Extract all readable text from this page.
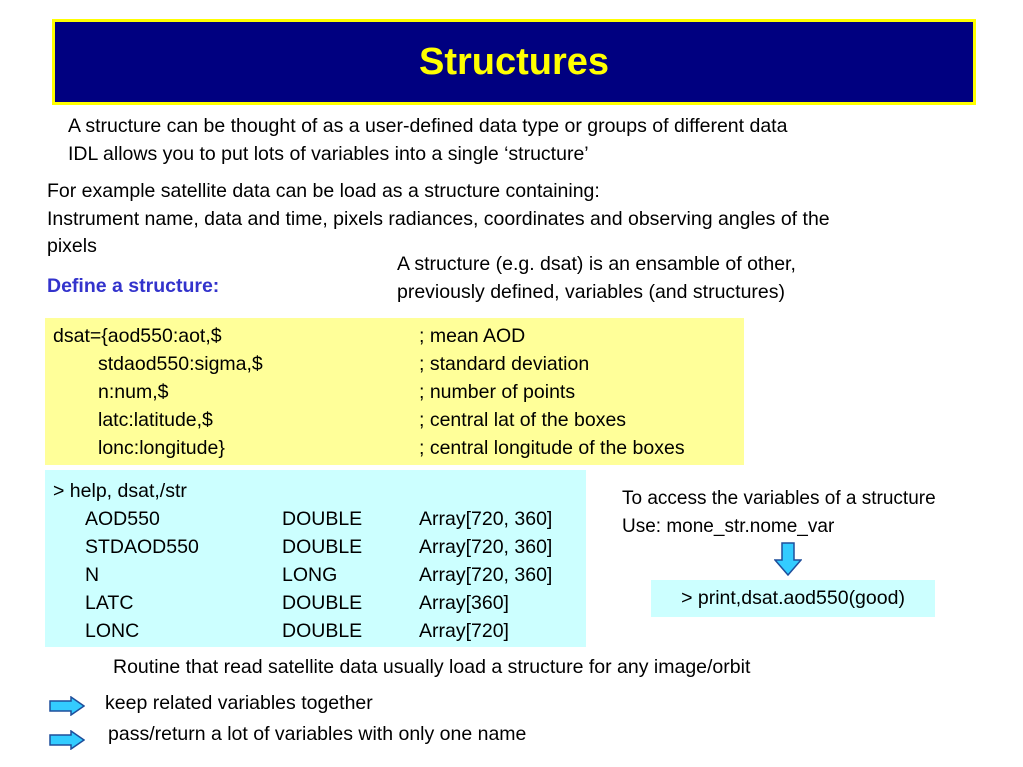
Structures
A structure can be thought of as a user-defined data type or groups of different data
IDL allows you to put lots of variables into a single ‘structure’
For example satellite data can be load as a structure containing:
Instrument name, data and time, pixels radiances, coordinates and observing angles of the
pixels
A structure (e.g. dsat) is an ensamble of other,
previously defined, variables (and structures)
Define a structure:
dsat={aod550:aot,$	; mean AOD
stdaod550:sigma,$	; standard deviation
n:num,$	; number of points
latc:latitude,$	; central lat of the boxes
lonc:longitude}	; central longitude of the boxes
> help, dsat,/str
AOD550	DOUBLE	Array[720, 360]
STDAOD550	DOUBLE	Array[720, 360]
N	LONG	Array[720, 360]
LATC	DOUBLE	Array[360]
LONC	DOUBLE	Array[720]
To access the variables of a structure
Use: mone_str.nome_var
> print,dsat.aod550(good)
Routine that read satellite data usually load a structure for any image/orbit
keep related variables together
pass/return a lot of variables with only one name
